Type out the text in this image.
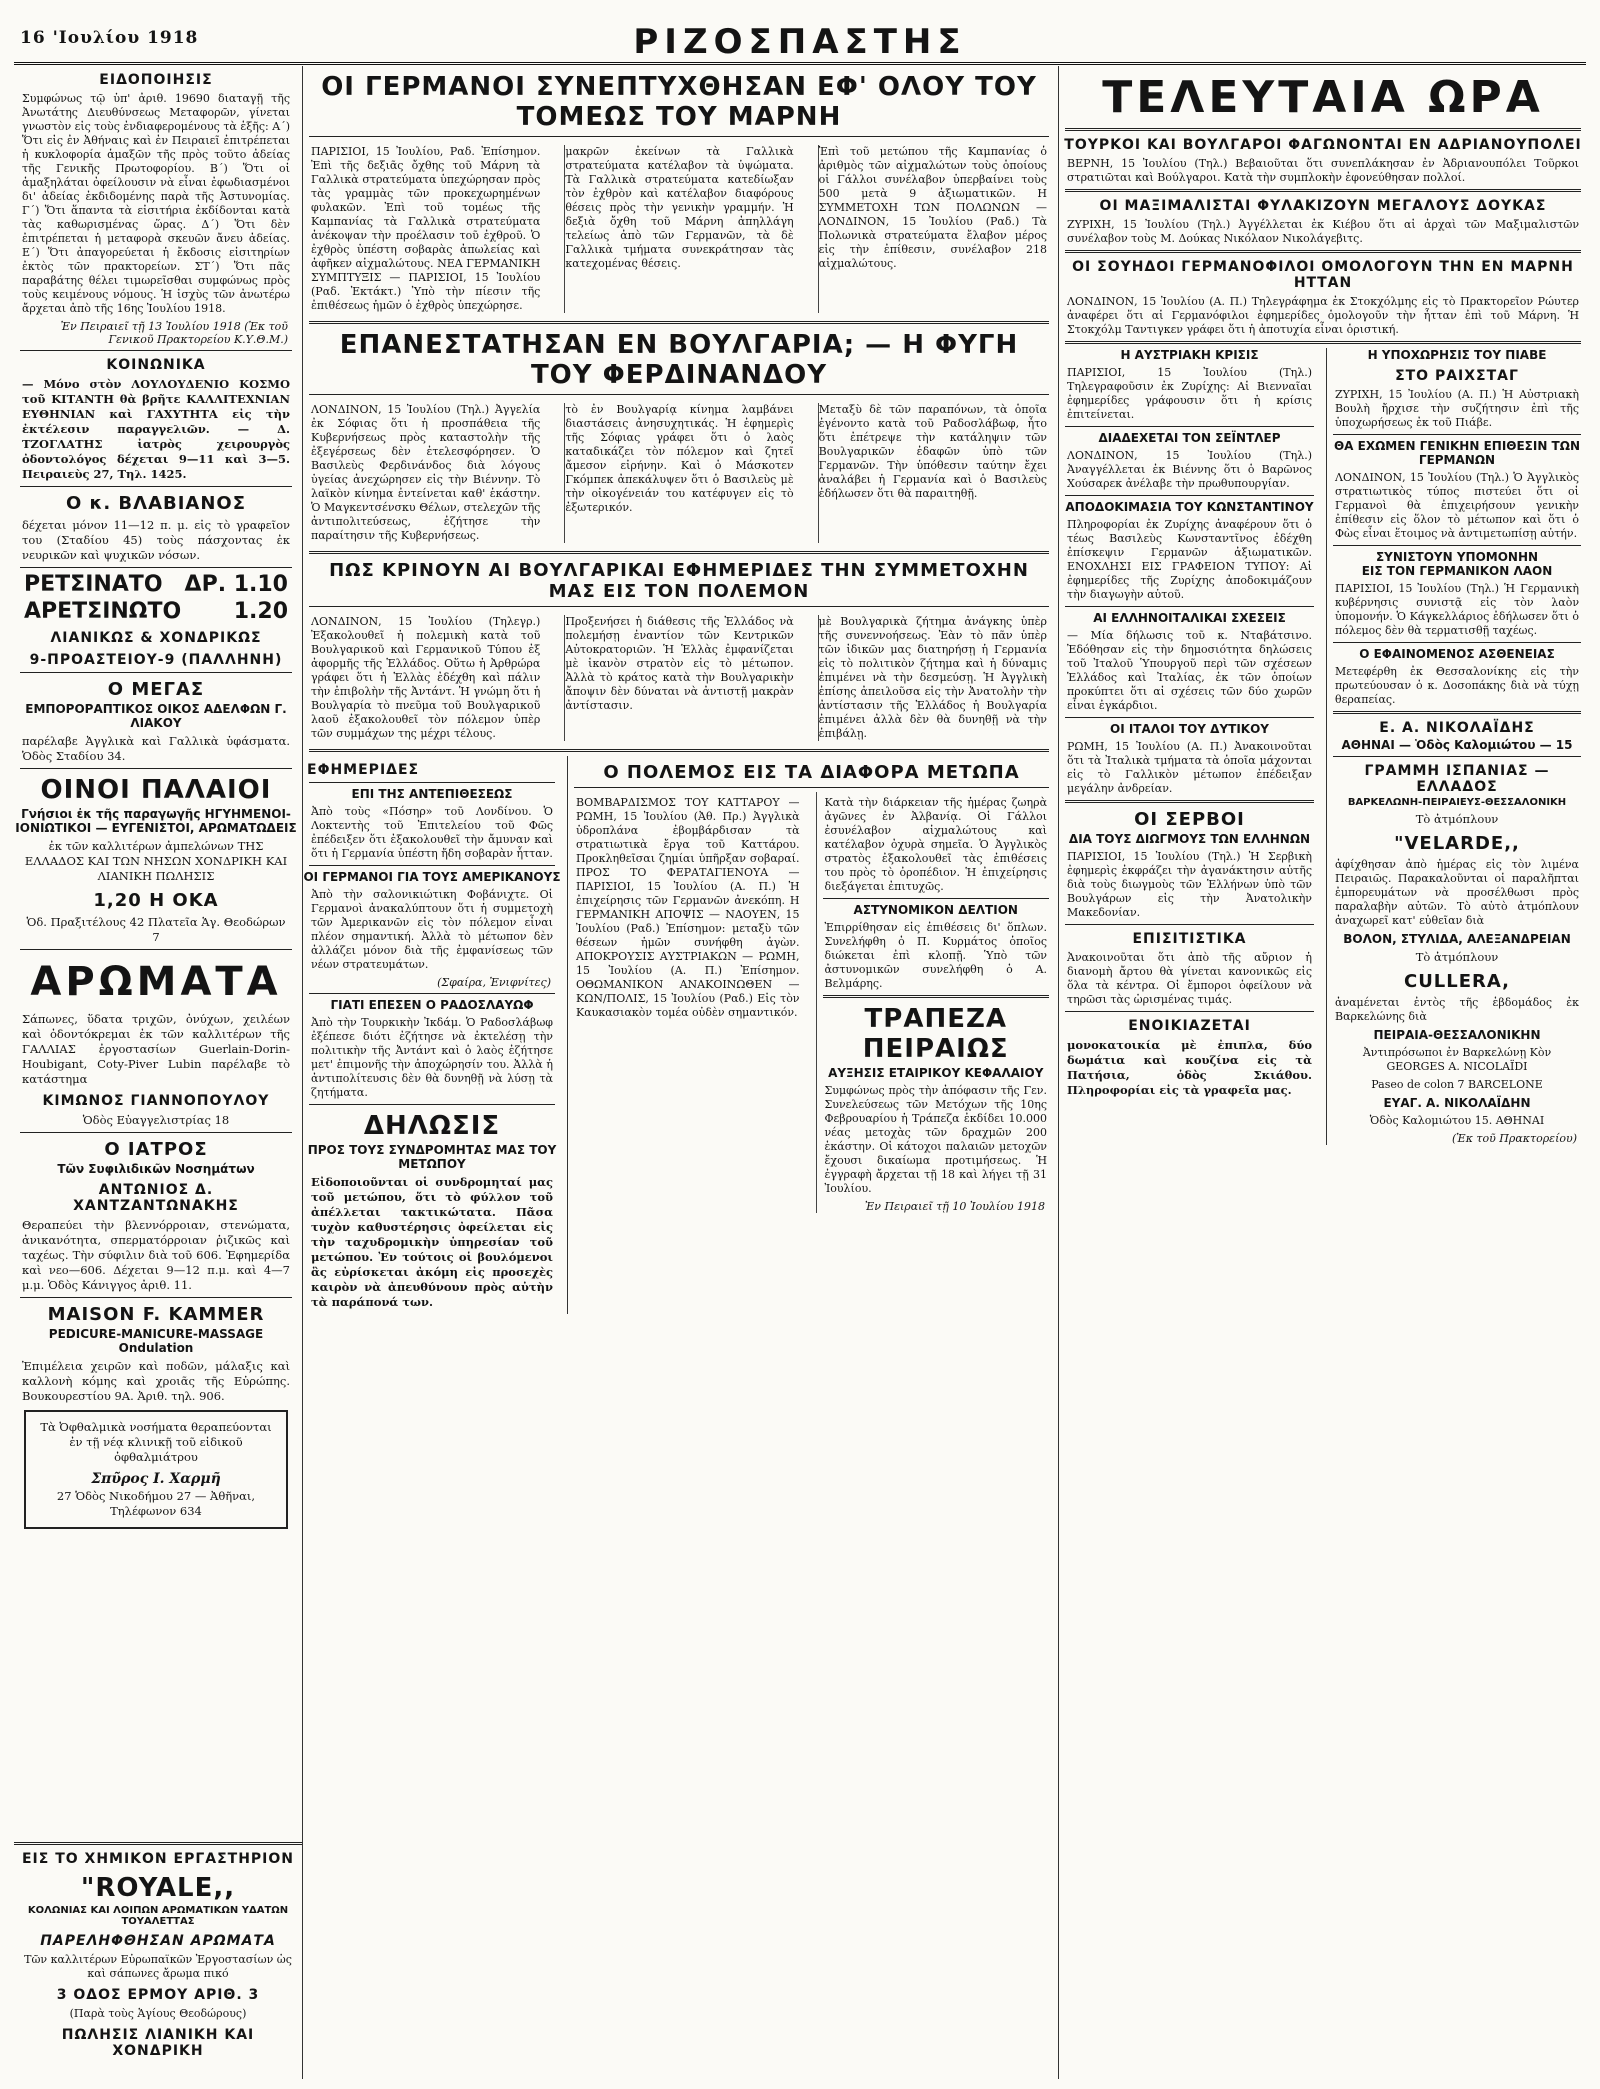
16 'Ιουλίου 1918	ΡΙΖΟΣΠΑΣΤΗΣ
ΕΙΔΟΠΟΙΗΣΙΣ
Συμφώνως τῷ ὑπ' ἀριθ. 19690 διαταγῇ τῆς Ἀνωτάτης Διευθύνσεως Μεταφορῶν, γίνεται γνωστὸν εἰς τοὺς ἐνδιαφερομένους τὰ ἑξῆς: Α΄) Ὅτι εἰς ἐν Ἀθήναις καὶ ἐν Πειραιεῖ ἐπιτρέπεται ἡ κυκλοφορία ἁμαξῶν τῆς πρὸς τοῦτο ἀδείας τῆς Γενικῆς Πρωτοφορίου. Β΄) Ὅτι οἱ ἁμαξηλάται ὀφείλουσιν νὰ εἶναι ἐφωδιασμένοι δι' ἀδείας ἐκδιδομένης παρὰ τῆς Ἀστυνομίας. Γ΄) Ὅτι ἅπαντα τὰ εἰσιτήρια ἐκδίδονται κατὰ τὰς καθωρισμένας ὥρας. Δ΄) Ὅτι δὲν ἐπιτρέπεται ἡ μεταφορὰ σκευῶν ἄνευ ἀδείας. Ε΄) Ὅτι ἀπαγορεύεται ἡ ἔκδοσις εἰσιτηρίων ἐκτὸς τῶν πρακτορείων. ΣΤ΄) Ὅτι πᾶς παραβάτης θέλει τιμωρεῖσθαι συμφώνως πρὸς τοὺς κειμένους νόμους. Ἡ ἰσχὺς τῶν ἀνωτέρω ἄρχεται ἀπὸ τῆς 16ης Ἰουλίου 1918.
Ἐν Πειραιεῖ τῇ 13 Ἰουλίου 1918 (Ἐκ τοῦ Γενικοῦ Πρακτορείου Κ.Υ.Θ.Μ.)
ΚΟΙΝΩΝΙΚΑ
— Μόνο στὸν ΛΟΥΛΟΥΔΕΝΙΟ ΚΟΣΜΟ τοῦ ΚΙΤΑΝΤΗ θὰ βρῆτε ΚΑΛΛΙΤΕΧΝΙΑΝ ΕΥΘΗΝΙΑΝ καὶ ΓΑΧΥΤΗΤΑ εἰς τὴν ἐκτέλεσιν παραγγελιῶν. — Δ. ΤΖΟΓΛΑΤΗΣ ἰατρὸς χειρουργὸς ὀδοντολόγος δέχεται 9—11 καὶ 3—5. Πειραιεὺς 27, Τηλ. 1425.
Ο κ. ΒΛΑΒΙΑΝΟΣ
δέχεται μόνον 11—12 π. μ. εἰς τὸ γραφεῖον του (Σταδίου 45) τοὺς πάσχοντας ἐκ νευρικῶν καὶ ψυχικῶν νόσων.
ΡΕΤΣΙΝΑΤΟ ΔΡ. 1.10
ΑΡΕΤΣΙΝΩΤΟ 1.20
ΛΙΑΝΙΚΩΣ & ΧΟΝΔΡΙΚΩΣ
9-ΠΡΟΑΣΤΕΙΟΥ-9 (ΠΑΛΛΗΝΗ)
Ο ΜΕΓΑΣ
ΕΜΠΟΡΟΡΑΠΤΙΚΟΣ ΟΙΚΟΣ ΑΔΕΛΦΩΝ Γ. ΛΙΑΚΟΥ
παρέλαβε Ἀγγλικὰ καὶ Γαλλικὰ ὑφάσματα. Ὁδὸς Σταδίου 34.
ΟΙΝΟΙ ΠΑΛΑΙΟΙ
Γνήσιοι ἐκ τῆς παραγωγῆς ΗΓΥΗΜΕΝΟΙ-ΙΟΝΙΩΤΙΚΟΙ — ΕΥΓΕΝΙΣΤΟΙ, ΑΡΩΜΑΤΩΔΕΙΣ
ἐκ τῶν καλλιτέρων ἀμπελώνων ΤΗΣ ΕΛΛΑΔΟΣ ΚΑΙ ΤΩΝ ΝΗΣΩΝ ΧΟΝΔΡΙΚΗ ΚΑΙ ΛΙΑΝΙΚΗ ΠΩΛΗΣΙΣ
1,20 Η ΟΚΑ
Ὁδ. Πραξιτέλους 42 Πλατεῖα Ἁγ. Θεοδώρων 7
ΑΡΩΜΑΤΑ
Σάπωνες, ὕδατα τριχῶν, ὀνύχων, χειλέων καὶ ὀδοντόκρεμαι ἐκ τῶν καλλιτέρων τῆς ΓΑΛΛΙΑΣ ἐργοστασίων Guerlain-Dorin-Houbigant, Coty-Piver Lubin παρέλαβε τὸ κατάστημα
ΚΙΜΩΝΟΣ ΓΙΑΝΝΟΠΟΥΛΟΥ
Ὁδὸς Εὐαγγελιστρίας 18
Ο ΙΑΤΡΟΣ
Τῶν Συφιλιδικῶν Νοσημάτων
ΑΝΤΩΝΙΟΣ Δ. ΧΑΝΤΖΑΝΤΩΝΑΚΗΣ
Θεραπεύει τὴν βλεννόρροιαν, στενώματα, ἀνικανότητα, σπερματόρροιαν ῥιζικῶς καὶ ταχέως. Τὴν σύφιλιν διὰ τοῦ 606. Ἐφημερίδα καὶ νεο—606. Δέχεται 9—12 π.μ. καὶ 4—7 μ.μ. Ὁδὸς Κάνιγγος ἀριθ. 11.
MAISON F. KAMMER
PEDICURE-MANICURE-MASSAGE Ondulation
Ἐπιμέλεια χειρῶν καὶ ποδῶν, μάλαξις καὶ καλλονὴ κόμης καὶ χροιᾶς τῆς Εὐρώπης. Βουκουρεστίου 9Α. Ἀριθ. τηλ. 906.
Τὰ Ὀφθαλμικὰ νοσήματα θεραπεύονται ἐν τῇ νέᾳ κλινικῇ τοῦ εἰδικοῦ ὀφθαλμιάτρου
Σπῦρος Ι. Χαρμῆ
27 Ὁδὸς Νικοδήμου 27 — Ἀθῆναι, Τηλέφωνον 634
ΟΙ ΓΕΡΜΑΝΟΙ ΣΥΝΕΠΤΥΧΘΗΣΑΝ ΕΦ' ΟΛΟΥ ΤΟΥ ΤΟΜΕΩΣ ΤΟΥ ΜΑΡΝΗ
ΠΑΡΙΣΙΟΙ, 15 Ἰουλίου, Ραδ. Ἐπίσημον. Ἐπὶ τῆς δεξιᾶς ὄχθης τοῦ Μάρνη τὰ Γαλλικὰ στρατεύματα ὑπεχώρησαν πρὸς τὰς γραμμὰς τῶν προκεχωρημένων φυλακῶν. Ἐπὶ τοῦ τομέως τῆς Καμπανίας τὰ Γαλλικὰ στρατεύματα ἀνέκοψαν τὴν προέλασιν τοῦ ἐχθροῦ. Ὁ ἐχθρὸς ὑπέστη σοβαρὰς ἀπωλείας καὶ ἀφῆκεν αἰχμαλώτους. ΝΕΑ ΓΕΡΜΑΝΙΚΗ ΣΥΜΠΤΥΞΙΣ — ΠΑΡΙΣΙΟΙ, 15 Ἰουλίου (Ραδ. Ἐκτάκτ.) Ὑπὸ τὴν πίεσιν τῆς ἐπιθέσεως ἡμῶν ὁ ἐχθρὸς ὑπεχώρησε.
μακρῶν ἐκείνων τὰ Γαλλικὰ στρατεύματα κατέλαβον τὰ ὑψώματα. Τὰ Γαλλικὰ στρατεύματα κατεδίωξαν τὸν ἐχθρὸν καὶ κατέλαβον διαφόρους θέσεις πρὸς τὴν γενικὴν γραμμήν. Ἡ δεξιὰ ὄχθη τοῦ Μάρνη ἀπηλλάγη τελείως ἀπὸ τῶν Γερμανῶν, τὰ δὲ Γαλλικὰ τμήματα συνεκράτησαν τὰς κατεχομένας θέσεις.
Ἐπὶ τοῦ μετώπου τῆς Καμπανίας ὁ ἀριθμὸς τῶν αἰχμαλώτων τοὺς ὁποίους οἱ Γάλλοι συνέλαβον ὑπερβαίνει τοὺς 500 μετὰ 9 ἀξιωματικῶν. Η ΣΥΜΜΕΤΟΧΗ ΤΩΝ ΠΟΛΩΝΩΝ — ΛΟΝΔΙΝΟΝ, 15 Ἰουλίου (Ραδ.) Τὰ Πολωνικὰ στρατεύματα ἔλαβον μέρος εἰς τὴν ἐπίθεσιν, συνέλαβον 218 αἰχμαλώτους.
ΕΠΑΝΕΣΤΑΤΗΣΑΝ ΕΝ ΒΟΥΛΓΑΡΙΑ; — Η ΦΥΓΗ ΤΟΥ ΦΕΡΔΙΝΑΝΔΟΥ
ΛΟΝΔΙΝΟΝ, 15 Ἰουλίου (Τηλ.) Ἀγγελία ἐκ Σόφιας ὅτι ἡ προσπάθεια τῆς Κυβερνήσεως πρὸς καταστολὴν τῆς ἐξεγέρσεως δὲν ἐτελεσφόρησεν. Ὁ Βασιλεὺς Φερδινάνδος διὰ λόγους ὑγείας ἀνεχώρησεν εἰς τὴν Βιέννην. Τὸ λαϊκὸν κίνημα ἐντείνεται καθ' ἑκάστην. Ὁ Μαγκεντσένσκυ Θέλων, στελεχῶν τῆς ἀντιπολιτεύσεως, ἐζήτησε τὴν παραίτησιν τῆς Κυβερνήσεως.
τὸ ἐν Βουλγαρίᾳ κίνημα λαμβάνει διαστάσεις ἀνησυχητικάς. Ἡ ἐφημερὶς τῆς Σόφιας γράφει ὅτι ὁ λαὸς καταδικάζει τὸν πόλεμον καὶ ζητεῖ ἄμεσον εἰρήνην. Καὶ ὁ Μάσκοτεν Γκόμπεκ ἀπεκάλυψεν ὅτι ὁ Βασιλεὺς μὲ τὴν οἰκογένειάν του κατέφυγεν εἰς τὸ ἐξωτερικόν.
Μεταξὺ δὲ τῶν παραπόνων, τὰ ὁποῖα ἐγένοντο κατὰ τοῦ Ραδοσλάβωφ, ἦτο ὅτι ἐπέτρεψε τὴν κατάληψιν τῶν Βουλγαρικῶν ἐδαφῶν ὑπὸ τῶν Γερμανῶν. Τὴν ὑπόθεσιν ταύτην ἔχει ἀναλάβει ἡ Γερμανία καὶ ὁ Βασιλεὺς ἐδήλωσεν ὅτι θὰ παραιτηθῇ.
ΠΩΣ ΚΡΙΝΟΥΝ ΑΙ ΒΟΥΛΓΑΡΙΚΑΙ ΕΦΗΜΕΡΙΔΕΣ ΤΗΝ ΣΥΜΜΕΤΟΧΗΝ ΜΑΣ ΕΙΣ ΤΟΝ ΠΟΛΕΜΟΝ
ΛΟΝΔΙΝΟΝ, 15 Ἰουλίου (Τηλεγρ.) Ἐξακολουθεῖ ἡ πολεμικὴ κατὰ τοῦ Βουλγαρικοῦ καὶ Γερμανικοῦ Τύπου ἐξ ἀφορμῆς τῆς Ἑλλάδος. Οὕτω ἡ Ἀρθρώρα γράφει ὅτι ἡ Ἑλλὰς ἐδέχθη καὶ πάλιν τὴν ἐπιβολὴν τῆς Ἀντάντ. Ἡ γνώμη ὅτι ἡ Βουλγαρία τὸ πνεῦμα τοῦ Βουλγαρικοῦ λαοῦ ἐξακολουθεῖ τὸν πόλεμον ὑπὲρ τῶν συμμάχων της μέχρι τέλους.
Προξενήσει ἡ διάθεσις τῆς Ἑλλάδος νὰ πολεμήσῃ ἐναντίον τῶν Κεντρικῶν Αὐτοκρατοριῶν. Ἡ Ἑλλὰς ἐμφανίζεται μὲ ἱκανὸν στρατὸν εἰς τὸ μέτωπον. Ἀλλὰ τὸ κράτος κατὰ τὴν Βουλγαρικὴν ἄποψιν δὲν δύναται νὰ ἀντιστῇ μακρὰν ἀντίστασιν.
μὲ Βουλγαρικὰ ζήτημα ἀνάγκης ὑπὲρ τῆς συνεννοήσεως. Ἐὰν τὸ πᾶν ὑπὲρ τῶν ἰδικῶν μας διατηρήσῃ ἡ Γερμανία εἰς τὸ πολιτικὸν ζήτημα καὶ ἡ δύναμις ἐπιμένει νὰ τὴν δεσμεύσῃ. Ἡ Ἀγγλικὴ ἐπίσης ἀπειλοῦσα εἰς τὴν Ἀνατολὴν τὴν ἀντίστασιν τῆς Ἑλλάδος ἡ Βουλγαρία ἐπιμένει ἀλλὰ δὲν θὰ δυνηθῇ νὰ τὴν ἐπιβάλῃ.
ΕΦΗΜΕΡΙΔΕΣ
ΕΠΙ ΤΗΣ ΑΝΤΕΠΙΘΕΣΕΩΣ
Ἀπὸ τοὺς «Πόσηρ» τοῦ Λονδίνου. Ὁ Λοκτεντὴς τοῦ Ἐπιτελείου τοῦ Φῶς ἐπέδειξεν ὅτι ἐξακολουθεῖ τὴν ἄμυναν καὶ ὅτι ἡ Γερμανία ὑπέστη ἤδη σοβαρὰν ἧτταν.
ΟΙ ΓΕΡΜΑΝΟΙ ΓΙΑ ΤΟΥΣ ΑΜΕΡΙΚΑΝΟΥΣ
Ἀπὸ τὴν σαλονικιώτικη Φοβάνιχτε. Οἱ Γερμανοὶ ἀνακαλύπτουν ὅτι ἡ συμμετοχὴ τῶν Ἀμερικανῶν εἰς τὸν πόλεμον εἶναι πλέον σημαντική. Ἀλλὰ τὸ μέτωπον δὲν ἀλλάζει μόνον διὰ τῆς ἐμφανίσεως τῶν νέων στρατευμάτων.
(Σφαίρα, Ἐνιφνίτες)
ΓΙΑΤΙ ΕΠΕΣΕΝ Ο ΡΑΔΟΣΛΑΥΩΦ
Ἀπὸ τὴν Τουρκικὴν Ἰκδάμ. Ὁ Ραδοσλάβωφ ἐξέπεσε διότι ἐζήτησε νὰ ἐκτελέσῃ τὴν πολιτικὴν τῆς Ἀντάντ καὶ ὁ λαὸς ἐζήτησε μετ' ἐπιμονῆς τὴν ἀποχώρησίν του. Ἀλλὰ ἡ ἀντιπολίτευσις δὲν θὰ δυνηθῇ νὰ λύσῃ τὰ ζητήματα.
ΔΗΛΩΣΙΣ
ΠΡΟΣ ΤΟΥΣ ΣΥΝΔΡΟΜΗΤΑΣ ΜΑΣ ΤΟΥ ΜΕΤΩΠΟΥ
Εἰδοποιοῦνται οἱ συνδρομηταί μας τοῦ μετώπου, ὅτι τὸ φύλλον τοῦ ἀπέλλεται τακτικώτατα. Πᾶσα τυχὸν καθυστέρησις ὀφείλεται εἰς τὴν ταχυδρομικὴν ὑπηρεσίαν τοῦ μετώπου. Ἐν τούτοις οἱ βουλόμενοι ἂς εὐρίσκεται ἀκόμη εἰς προσεχὲς καιρὸν νὰ ἀπευθύνουν πρὸς αὐτὴν τὰ παράπονά των.
Ο ΠΟΛΕΜΟΣ ΕΙΣ ΤΑ ΔΙΑΦΟΡΑ ΜΕΤΩΠΑ
ΒΟΜΒΑΡΔΙΣΜΟΣ ΤΟΥ ΚΑΤΤΑΡΟΥ — ΡΩΜΗ, 15 Ἰουλίου (Ἀθ. Πρ.) Ἀγγλικὰ ὑδροπλάνα ἐβομβάρδισαν τὰ στρατιωτικὰ ἔργα τοῦ Καττάρου. Προκληθεῖσαι ζημίαι ὑπῆρξαν σοβαραί. ΠΡΟΣ ΤΟ ΦΕΡΑΤΑΓΙΕΝΟΥΑ — ΠΑΡΙΣΙΟΙ, 15 Ἰουλίου (Α. Π.) Ἡ ἐπιχείρησις τῶν Γερμανῶν ἀνεκόπη. Η ΓΕΡΜΑΝΙΚΗ ΑΠΟΨΙΣ — ΝΑΟΥΕΝ, 15 Ἰουλίου (Ραδ.) Ἐπίσημον: μεταξὺ τῶν θέσεων ἡμῶν συνήφθη ἀγὼν. ΑΠΟΚΡΟΥΣΙΣ ΑΥΣΤΡΙΑΚΩΝ — ΡΩΜΗ, 15 Ἰουλίου (Α. Π.) Ἐπίσημον. ΟΘΩΜΑΝΙΚΟΝ ΑΝΑΚΟΙΝΩΘΕΝ — ΚΩΝ/ΠΟΛΙΣ, 15 Ἰουλίου (Ραδ.) Εἰς τὸν Καυκασιακὸν τομέα οὐδὲν σημαντικόν.
Κατὰ τὴν διάρκειαν τῆς ἡμέρας ζωηρὰ ἀγῶνες ἐν Ἀλβανίᾳ. Οἱ Γάλλοι ἐσυνέλαβον αἰχμαλώτους καὶ κατέλαβον ὀχυρὰ σημεῖα. Ὁ Ἀγγλικὸς στρατὸς ἐξακολουθεῖ τὰς ἐπιθέσεις του πρὸς τὸ ὀροπέδιον. Ἡ ἐπιχείρησις διεξάγεται ἐπιτυχῶς.
ΑΣΤΥΝΟΜΙΚΟΝ ΔΕΛΤΙΟΝ
Ἐπιρρίθησαν εἰς ἐπιθέσεις δι' ὅπλων. Συνελήφθη ὁ Π. Κυρμάτος ὁποῖος διώκεται ἐπὶ κλοπῇ. Ὑπὸ τῶν ἀστυνομικῶν συνελήφθη ὁ Α. Βελμάρης.
ΤΡΑΠΕΖΑ ΠΕΙΡΑΙΩΣ
ΑΥΞΗΣΙΣ ΕΤΑΙΡΙΚΟΥ ΚΕΦΑΛΑΙΟΥ
Συμφώνως πρὸς τὴν ἀπόφασιν τῆς Γεν. Συνελεύσεως τῶν Μετόχων τῆς 10ης Φεβρουαρίου ἡ Τράπεζα ἐκδίδει 10.000 νέας μετοχὰς τῶν δραχμῶν 200 ἑκάστην. Οἱ κάτοχοι παλαιῶν μετοχῶν ἔχουσι δικαίωμα προτιμήσεως. Ἡ ἐγγραφὴ ἄρχεται τῇ 18 καὶ λήγει τῇ 31 Ἰουλίου.
Ἐν Πειραιεῖ τῇ 10 Ἰουλίου 1918
ΤΕΛΕΥΤΑΙΑ ΩΡΑ
ΤΟΥΡΚΟΙ ΚΑΙ ΒΟΥΛΓΑΡΟΙ ΦΑΓΩΝΟΝΤΑΙ ΕΝ ΑΔΡΙΑΝΟΥΠΟΛΕΙ
ΒΕΡΝΗ, 15 Ἰουλίου (Τηλ.) Βεβαιοῦται ὅτι συνεπλάκησαν ἐν Ἀδριανουπόλει Τοῦρκοι στρατιῶται καὶ Βούλγαροι. Κατὰ τὴν συμπλοκὴν ἐφονεύθησαν πολλοί.
ΟΙ ΜΑΞΙΜΑΛΙΣΤΑΙ ΦΥΛΑΚΙΖΟΥΝ ΜΕΓΑΛΟΥΣ ΔΟΥΚΑΣ
ΖΥΡΙΧΗ, 15 Ἰουλίου (Τηλ.) Ἀγγέλλεται ἐκ Κιέβου ὅτι αἱ ἀρχαὶ τῶν Μαξιμαλιστῶν συνέλαβον τοὺς Μ. Δούκας Νικόλαον Νικολάγεβιτς.
ΟΙ ΣΟΥΗΔΟΙ ΓΕΡΜΑΝΟΦΙΛΟΙ ΟΜΟΛΟΓΟΥΝ ΤΗΝ ΕΝ ΜΑΡΝΗ ΗΤΤΑΝ
ΛΟΝΔΙΝΟΝ, 15 Ἰουλίου (Α. Π.) Τηλεγράφημα ἐκ Στοκχόλμης εἰς τὸ Πρακτορεῖον Ρώυτερ ἀναφέρει ὅτι αἱ Γερμανόφιλοι ἐφημερίδες ὁμολογοῦν τὴν ἧτταν ἐπὶ τοῦ Μάρνη. Ἡ Στοκχόλμ Ταντιγκεν γράφει ὅτι ἡ ἀποτυχία εἶναι ὁριστική.
Η ΑΥΣΤΡΙΑΚΗ ΚΡΙΣΙΣ
ΠΑΡΙΣΙΟΙ, 15 Ἰουλίου (Τηλ.) Τηλεγραφοῦσιν ἐκ Ζυρίχης: Αἱ Βιενναῖαι ἐφημερίδες γράφουσιν ὅτι ἡ κρίσις ἐπιτείνεται.
ΔΙΑΔΕΧΕΤΑΙ ΤΟΝ ΣΕΪΝΤΛΕΡ
ΛΟΝΔΙΝΟΝ, 15 Ἰουλίου (Τηλ.) Ἀναγγέλλεται ἐκ Βιέννης ὅτι ὁ Βαρῶνος Χούσαρεκ ἀνέλαβε τὴν πρωθυπουργίαν.
ΑΠΟΔΟΚΙΜΑΣΙΑ ΤΟΥ ΚΩΝΣΤΑΝΤΙΝΟΥ
Πληροφορίαι ἐκ Ζυρίχης ἀναφέρουν ὅτι ὁ τέως Βασιλεὺς Κωνσταντῖνος ἐδέχθη ἐπίσκεψιν Γερμανῶν ἀξιωματικῶν. ΕΝΟΧΛΗΣΙ ΕΙΣ ΓΡΑΦΕΙΟΝ ΤΥΠΟΥ: Αἱ ἐφημερίδες τῆς Ζυρίχης ἀποδοκιμάζουν τὴν διαγωγὴν αὐτοῦ.
ΑΙ ΕΛΛΗΝΟΙΤΑΛΙΚΑΙ ΣΧΕΣΕΙΣ
— Μία δήλωσις τοῦ κ. Νταβάτσινο. Ἐδόθησαν εἰς τὴν δημοσιότητα δηλώσεις τοῦ Ἰταλοῦ Ὑπουργοῦ περὶ τῶν σχέσεων Ἑλλάδος καὶ Ἰταλίας, ἐκ τῶν ὁποίων προκύπτει ὅτι αἱ σχέσεις τῶν δύο χωρῶν εἶναι ἐγκάρδιοι.
ΟΙ ΙΤΑΛΟΙ ΤΟΥ ΔΥΤΙΚΟΥ
ΡΩΜΗ, 15 Ἰουλίου (Α. Π.) Ἀνακοινοῦται ὅτι τὰ Ἰταλικὰ τμήματα τὰ ὁποῖα μάχονται εἰς τὸ Γαλλικὸν μέτωπον ἐπέδειξαν μεγάλην ἀνδρείαν.
ΟΙ ΣΕΡΒΟΙ
ΔΙΑ ΤΟΥΣ ΔΙΩΓΜΟΥΣ ΤΩΝ ΕΛΛΗΝΩΝ
ΠΑΡΙΣΙΟΙ, 15 Ἰουλίου (Τηλ.) Ἡ Σερβικὴ ἐφημερὶς ἐκφράζει τὴν ἀγανάκτησιν αὐτῆς διὰ τοὺς διωγμοὺς τῶν Ἑλλήνων ὑπὸ τῶν Βουλγάρων εἰς τὴν Ἀνατολικὴν Μακεδονίαν.
ΕΠΙΣΙΤΙΣΤΙΚΑ
Ἀνακοινοῦται ὅτι ἀπὸ τῆς αὔριον ἡ διανομὴ ἄρτου θὰ γίνεται κανονικῶς εἰς ὅλα τὰ κέντρα. Οἱ ἔμποροι ὀφείλουν νὰ τηρῶσι τὰς ὡρισμένας τιμάς.
ΕΝΟΙΚΙΑΖΕΤΑΙ
μονοκατοικία μὲ ἐπιπλα, δύο δωμάτια καὶ κουζίνα εἰς τὰ Πατήσια, ὁδὸς Σκιάθου. Πληροφορίαι εἰς τὰ γραφεῖα μας.
Η ΥΠΟΧΩΡΗΣΙΣ ΤΟΥ ΠΙΑΒΕ
ΣΤΟ ΡΑΙΧΣΤΑΓ
ΖΥΡΙΧΗ, 15 Ἰουλίου (Α. Π.) Ἡ Αὐστριακὴ Βουλὴ ἤρχισε τὴν συζήτησιν ἐπὶ τῆς ὑποχωρήσεως ἐκ τοῦ Πιάβε.
ΘΑ ΕΧΩΜΕΝ ΓΕΝΙΚΗΝ ΕΠΙΘΕΣΙΝ ΤΩΝ ΓΕΡΜΑΝΩΝ
ΛΟΝΔΙΝΟΝ, 15 Ἰουλίου (Τηλ.) Ὁ Ἀγγλικὸς στρατιωτικὸς τύπος πιστεύει ὅτι οἱ Γερμανοὶ θὰ ἐπιχειρήσουν γενικὴν ἐπίθεσιν εἰς ὅλον τὸ μέτωπον καὶ ὅτι ὁ Φὼς εἶναι ἕτοιμος νὰ ἀντιμετωπίσῃ αὐτήν.
ΣΥΝΙΣΤΟΥΝ ΥΠΟΜΟΝΗΝ
ΕΙΣ ΤΟΝ ΓΕΡΜΑΝΙΚΟΝ ΛΑΟΝ
ΠΑΡΙΣΙΟΙ, 15 Ἰουλίου (Τηλ.) Ἡ Γερμανικὴ κυβέρνησις συνιστᾷ εἰς τὸν λαὸν ὑπομονήν. Ὁ Κάγκελλάριος ἐδήλωσεν ὅτι ὁ πόλεμος δὲν θὰ τερματισθῇ ταχέως.
Ο ΕΦΑΙΝΟΜΕΝΟΣ ΑΣΘΕΝΕΙΑΣ
Μετεφέρθη ἐκ Θεσσαλονίκης εἰς τὴν πρωτεύουσαν ὁ κ. Δοσοπάκης διὰ νὰ τύχῃ θεραπείας.
Ε. Α. ΝΙΚΟΛΑΪΔΗΣ
ΑΘΗΝΑΙ — Ὁδὸς Καλομιώτου — 15
ΓΡΑΜΜΗ ΙΣΠΑΝΙΑΣ — ΕΛΛΑΔΟΣ
ΒΑΡΚΕΛΩΝΗ-ΠΕΙΡΑΙΕΥΣ-ΘΕΣΣΑΛΟΝΙΚΗ
Τὸ ἀτμόπλουν
"VELARDE,,
ἀφίχθησαν ἀπὸ ἡμέρας εἰς τὸν λιμένα Πειραιῶς. Παρακαλοῦνται οἱ παραλῆπται ἐμπορευμάτων νὰ προσέλθωσι πρὸς παραλαβὴν αὐτῶν. Τὸ αὐτὸ ἀτμόπλουν ἀναχωρεῖ κατ' εὐθεῖαν διὰ
ΒΟΛΟΝ, ΣΤΥΛΙΔΑ, ΑΛΕΞΑΝΔΡΕΙΑΝ
Τὸ ἀτμόπλουν
CULLERA,
ἀναμένεται ἐντὸς τῆς ἑβδομάδος ἐκ Βαρκελώνης διὰ
ΠΕΙΡΑΙΑ-ΘΕΣΣΑΛΟΝΙΚΗΝ
Ἀντιπρόσωποι ἐν Βαρκελώνῃ Κὸν GEORGES A. NICOLAÏDI
Paseo de colon 7 BARCELONE
ΕΥΑΓ. Α. ΝΙΚΟΛΑΪΔΗΝ
Ὁδὸς Καλομιώτου 15. ΑΘΗΝΑΙ
(Ἐκ τοῦ Πρακτορείου)
ΕΙΣ ΤΟ ΧΗΜΙΚΟΝ ΕΡΓΑΣΤΗΡΙΟΝ
"ROYALE,,
ΚΟΛΩΝΙΑΣ ΚΑΙ ΛΟΙΠΩΝ ΑΡΩΜΑΤΙΚΩΝ ΥΔΑΤΩΝ ΤΟΥΑΛΕΤΤΑΣ
ΠΑΡΕΛΗΦΘΗΣΑΝ ΑΡΩΜΑΤΑ
Τῶν καλλιτέρων Εὐρωπαϊκῶν Ἐργοστασίων ὡς καὶ σάπωνες ἄρωμα πικό
3 ΟΔΟΣ ΕΡΜΟΥ ΑΡΙΘ. 3
(Παρὰ τοὺς Ἁγίους Θεοδώρους)
ΠΩΛΗΣΙΣ ΛΙΑΝΙΚΗ ΚΑΙ ΧΟΝΔΡΙΚΗ
